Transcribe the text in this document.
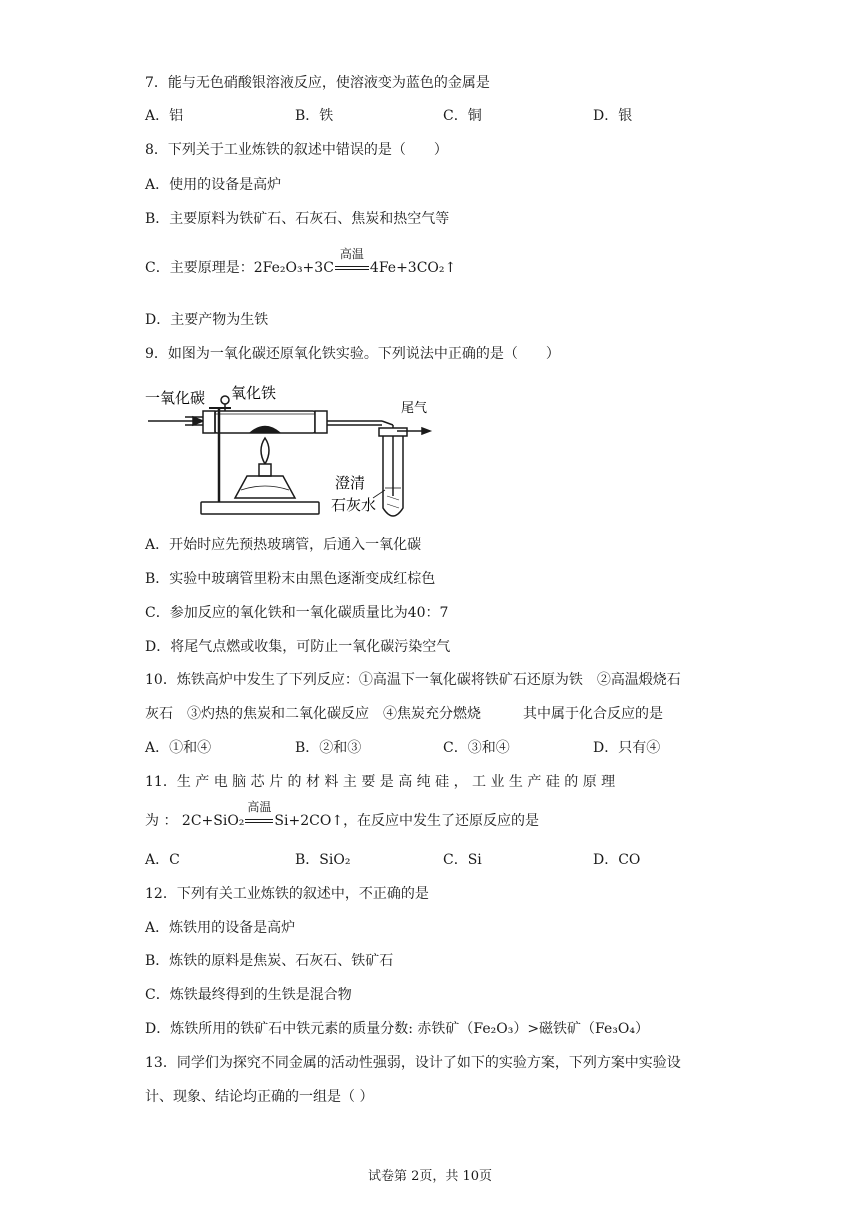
7．能与无色硝酸银溶液反应，使溶液变为蓝色的金属是
A．铝	B．铁	C．铜	D．银
8．下列关于工业炼铁的叙述中错误的是（　　）
A．使用的设备是高炉
B．主要原料为铁矿石、石灰石、焦炭和热空气等
C．主要原理是：2Fe₂O₃+3C
高温
4Fe+3CO₂↑
D．主要产物为生铁
9．如图为一氧化碳还原氧化铁实验。下列说法中正确的是（　　）
一氧化碳 氧化铁
尾气
澄清
石灰水
A．开始时应先预热玻璃管，后通入一氧化碳
B．实验中玻璃管里粉末由黑色逐渐变成红棕色
C．参加反应的氧化铁和一氧化碳质量比为40：7
D．将尾气点燃或收集，可防止一氧化碳污染空气
10．炼铁高炉中发生了下列反应：①高温下一氧化碳将铁矿石还原为铁　②高温煅烧石
灰石　③灼热的焦炭和二氧化碳反应　④焦炭充分燃烧　　　其中属于化合反应的是
A．①和④	B．②和③	C．③和④	D．只有④
11．生 产 电 脑 芯 片 的 材 料 主 要 是 高 纯 硅 ， 工 业 生 产 硅 的 原 理
为 ： 2C+SiO₂
高温
Si+2CO↑，在反应中发生了还原反应的是
A．C	B．SiO₂	C．Si	D．CO
12．下列有关工业炼铁的叙述中，不正确的是
A．炼铁用的设备是高炉
B．炼铁的原料是焦炭、石灰石、铁矿石
C．炼铁最终得到的生铁是混合物
D．炼铁所用的铁矿石中铁元素的质量分数: 赤铁矿（Fe₂O₃）>磁铁矿（Fe₃O₄）
13．同学们为探究不同金属的活动性强弱，设计了如下的实验方案，下列方案中实验设
计、现象、结论均正确的一组是（ ）
试卷第 2页，共 10页
